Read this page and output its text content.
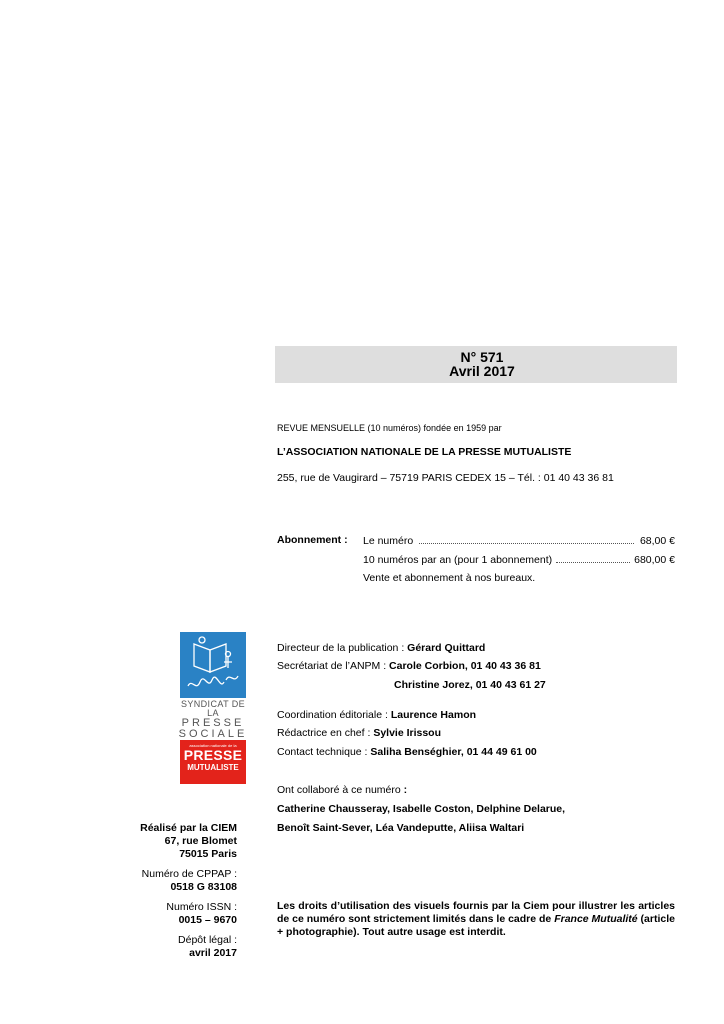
N° 571
Avril 2017
REVUE MENSUELLE (10 numéros) fondée en 1959 par
L’ASSOCIATION NATIONALE DE LA PRESSE MUTUALISTE
255, rue de Vaugirard – 75719 PARIS CEDEX 15 – Tél. : 01 40 43 36 81
Abonnement : Le numéro	68,00 €
10 numéros par an (pour 1 abonnement)	680,00 €
Vente et abonnement à nos bureaux.
SYNDICAT DE LA
PRESSE
SOCIALE
association nationale de la
PRESSE
MUTUALISTE
Directeur de la publication : Gérard Quittard
Secrétariat de l’ANPM : Carole Corbion, 01 40 43 36 81
Christine Jorez, 01 40 43 61 27
Coordination éditoriale : Laurence Hamon
Rédactrice en chef : Sylvie Irissou
Contact technique : Saliha Benséghier, 01 44 49 61 00
Ont collaboré à ce numéro :
Catherine Chausseray, Isabelle Coston, Delphine Delarue,
Benoît Saint-Sever, Léa Vandeputte, Aliisa Waltari
Réalisé par la CIEM
67, rue Blomet
75015 Paris
Numéro de CPPAP :
0518 G 83108
Numéro ISSN :
0015 – 9670
Dépôt légal :
avril 2017
Les droits d’utilisation des visuels fournis par la Ciem pour illustrer les articles de ce numéro sont strictement limités dans le cadre de France Mutualité (article + photographie). Tout autre usage est interdit.
